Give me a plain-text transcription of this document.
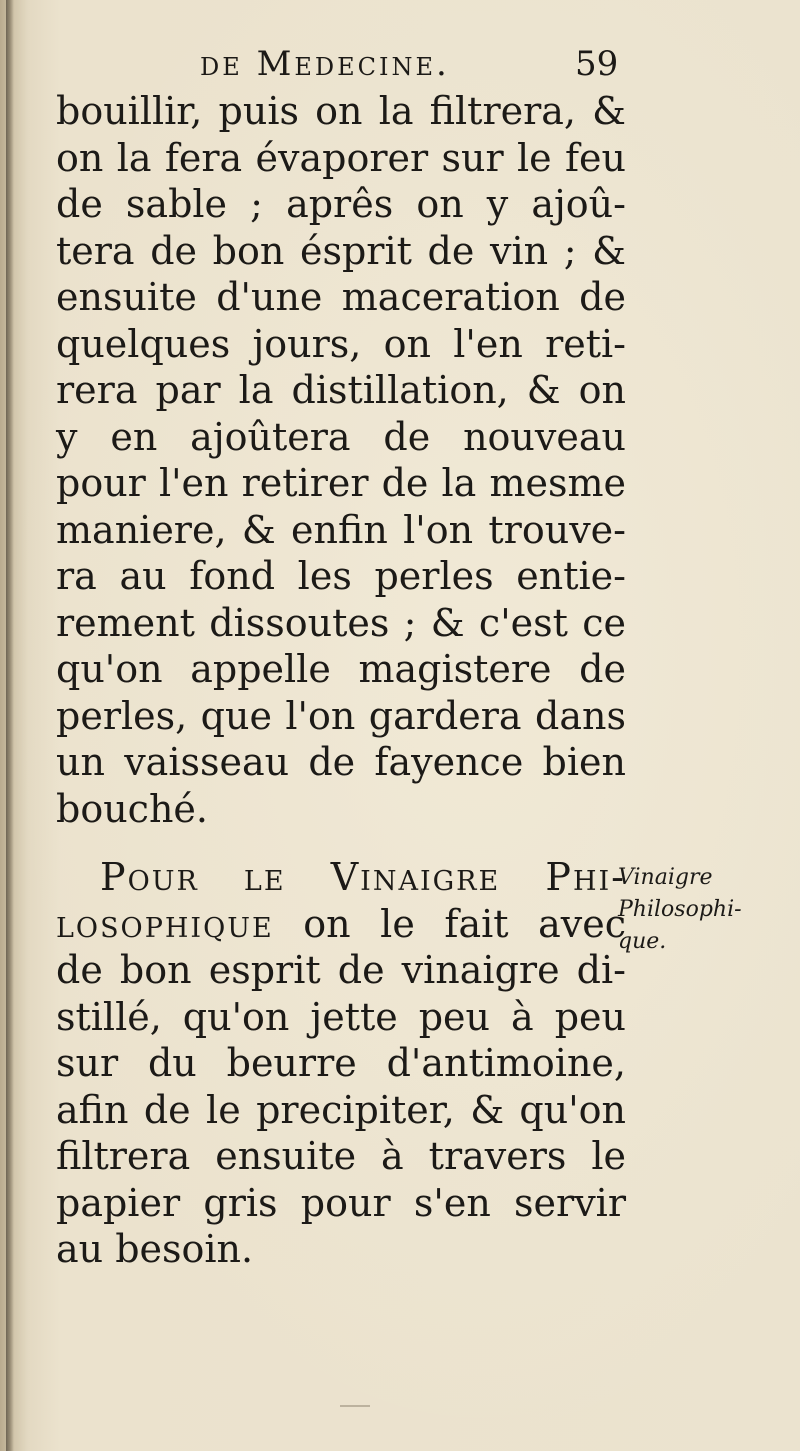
de Medecine.	59
bouillir, puis on la filtrera, &
on la fera évaporer sur le feu
de sable ; aprês on y ajoû-
tera de bon ésprit de vin ; &
ensuite d'une maceration de
quelques jours, on l'en reti-
rera par la distillation, & on
y en ajoûtera de nouveau
pour l'en retirer de la mesme
maniere, & enfin l'on trouve-
ra au fond les perles entie-
rement dissoutes ; & c'est ce
qu'on appelle magistere de
perles, que l'on gardera dans
un vaisseau de fayence bien
bouché.
Pour le Vinaigre Phi-
losophique on le fait avec
de bon esprit de vinaigre di-
stillé, qu'on jette peu à peu
sur du beurre d'antimoine,
afin de le precipiter, & qu'on
filtrera ensuite à travers le
papier gris pour s'en servir
au besoin.
Vinaigre
Philosophi-
que.
